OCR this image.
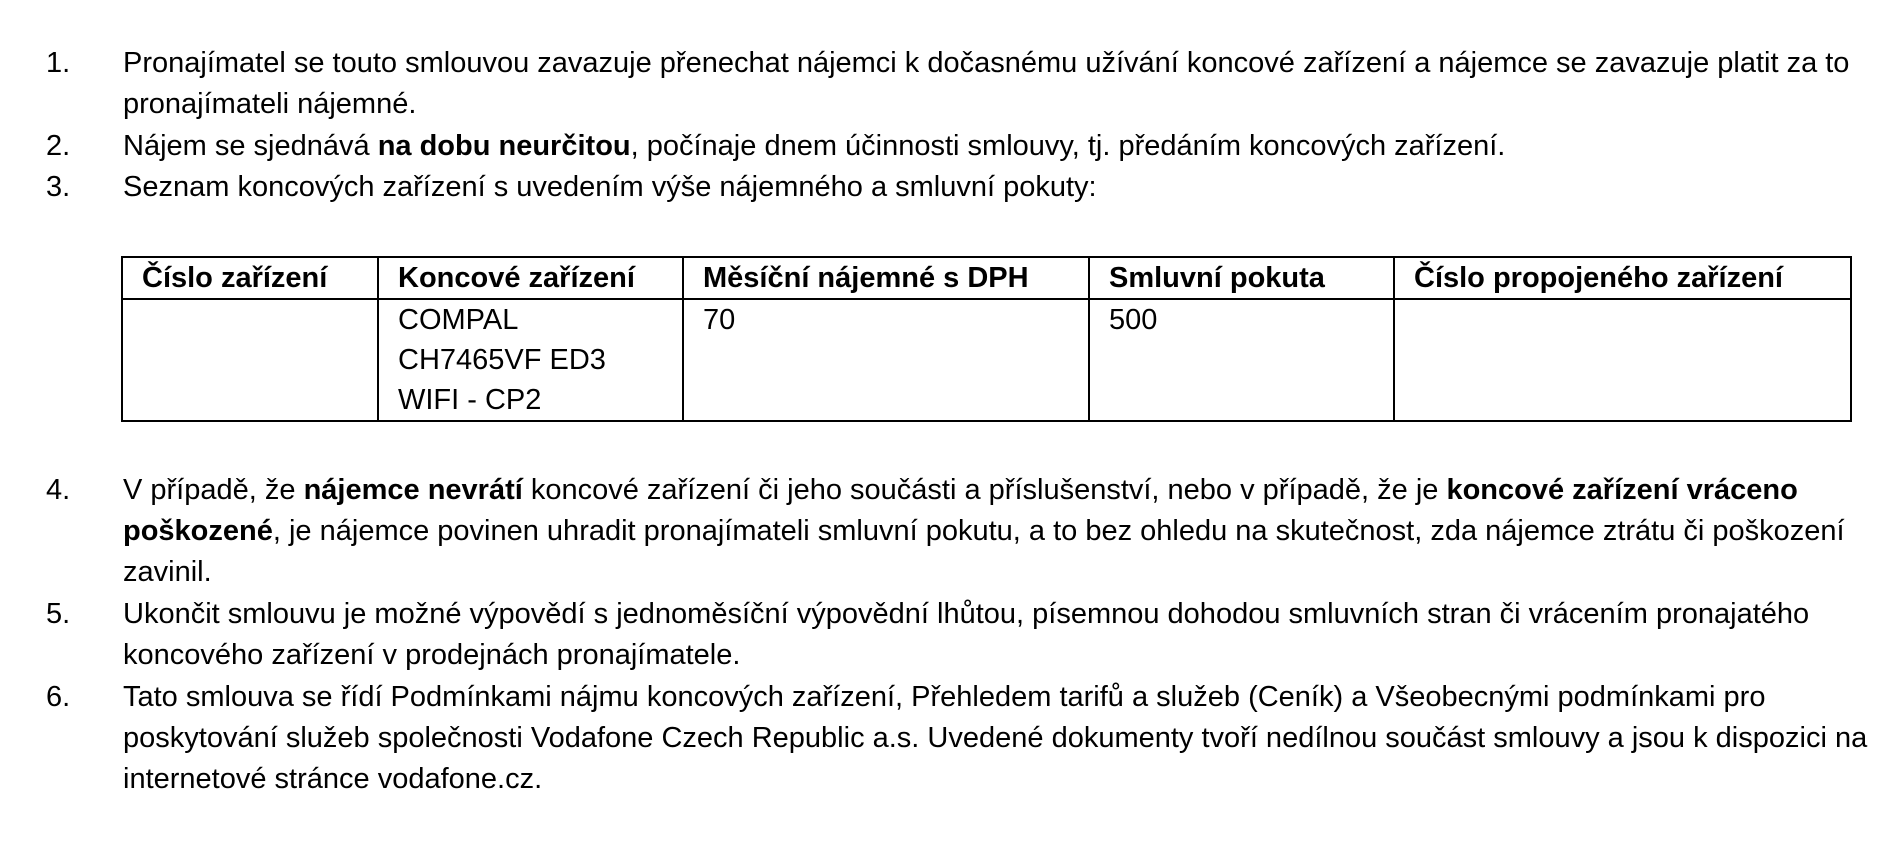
1.	Pronajímatel se touto smlouvou zavazuje přenechat nájemci k dočasnému užívání koncové zařízení a nájemce se zavazuje platit za to pronajímateli nájemné.
2.	Nájem se sjednává na dobu neurčitou, počínaje dnem účinnosti smlouvy, tj. předáním koncových zařízení.
3.	Seznam koncových zařízení s uvedením výše nájemného a smluvní pokuty:
Číslo zařízení	Koncové zařízení	Měsíční nájemné s DPH	Smluvní pokuta	Číslo propojeného zařízení

	COMPAL
CH7465VF ED3
WIFI - CP2	70	500	
4.	V případě, že nájemce nevrátí koncové zařízení či jeho součásti a příslušenství, nebo v případě, že je koncové zařízení vráceno poškozené, je nájemce povinen uhradit pronajímateli smluvní pokutu, a to bez ohledu na skutečnost, zda nájemce ztrátu či poškození zavinil.
5.	Ukončit smlouvu je možné výpovědí s jednoměsíční výpovědní lhůtou, písemnou dohodou smluvních stran či vrácením pronajatého koncového zařízení v prodejnách pronajímatele.
6.	Tato smlouva se řídí Podmínkami nájmu koncových zařízení, Přehledem tarifů a služeb (Ceník) a Všeobecnými podmínkami pro poskytování služeb společnosti Vodafone Czech Republic a.s. Uvedené dokumenty tvoří nedílnou součást smlouvy a jsou k dispozici na internetové stránce vodafone.cz.
